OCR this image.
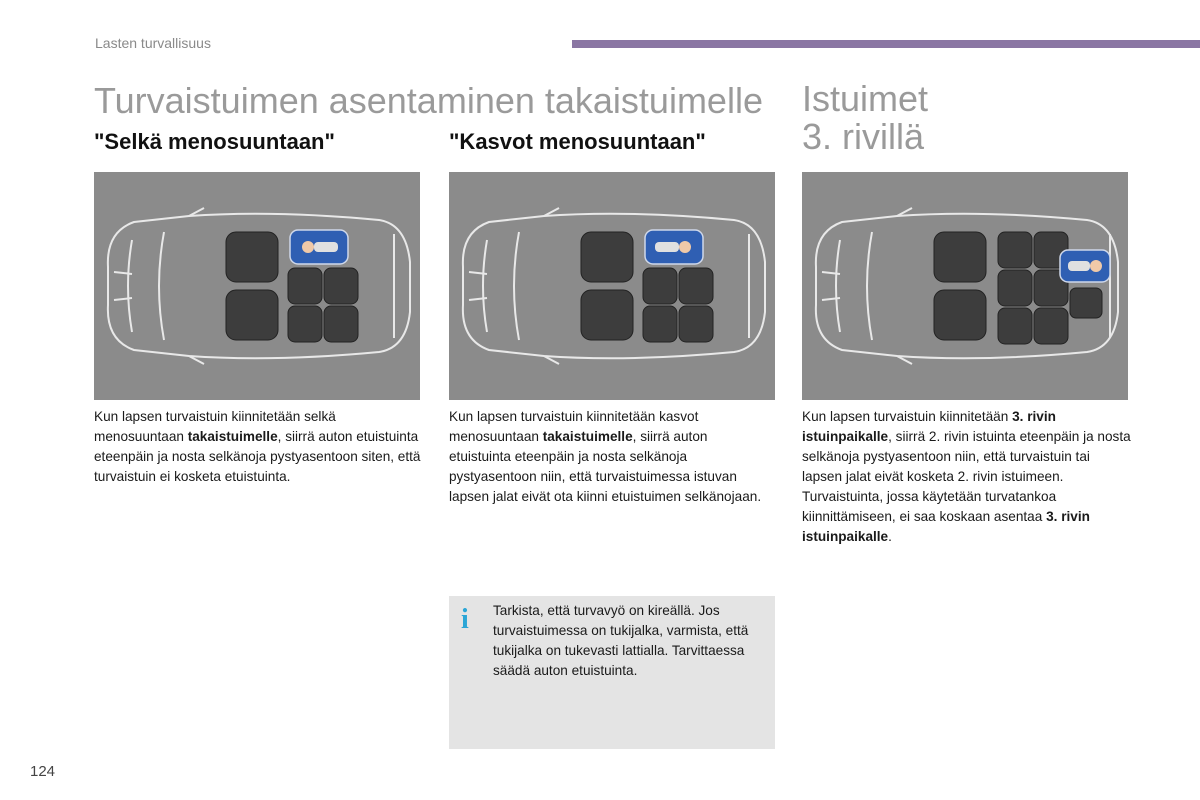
Lasten turvallisuus
Turvaistuimen asentaminen takaistuimelle Istuimet
3. rivillä
"Selkä menosuuntaan"	"Kasvot menosuuntaan"

Kun lapsen turvaistuin kiinnitetään selkä menosuuntaan takaistuimelle, siirrä auton etuistuinta eteenpäin ja nosta selkänoja pystyasentoon siten, että turvaistuin ei kosketa etuistuinta.

Kun lapsen turvaistuin kiinnitetään kasvot menosuuntaan takaistuimelle, siirrä auton etuistuinta eteenpäin ja nosta selkänoja pystyasentoon niin, että turvaistuimessa istuvan lapsen jalat eivät ota kiinni etuistuimen selkänojaan.

Kun lapsen turvaistuin kiinnitetään 3. rivin istuinpaikalle, siirrä 2. rivin istuinta eteenpäin ja nosta selkänoja pystyasentoon niin, että turvaistuin tai lapsen jalat eivät kosketa 2. rivin istuimeen.

Turvaistuinta, jossa käytetään turvatankoa kiinnittämiseen, ei saa koskaan asentaa 3. rivin istuinpaikalle.

i Tarkista, että turvavyö on kireällä. Jos turvaistuimessa on tukijalka, varmista, että tukijalka on tukevasti lattialla. Tarvittaessa säädä auton etuistuinta.
124
